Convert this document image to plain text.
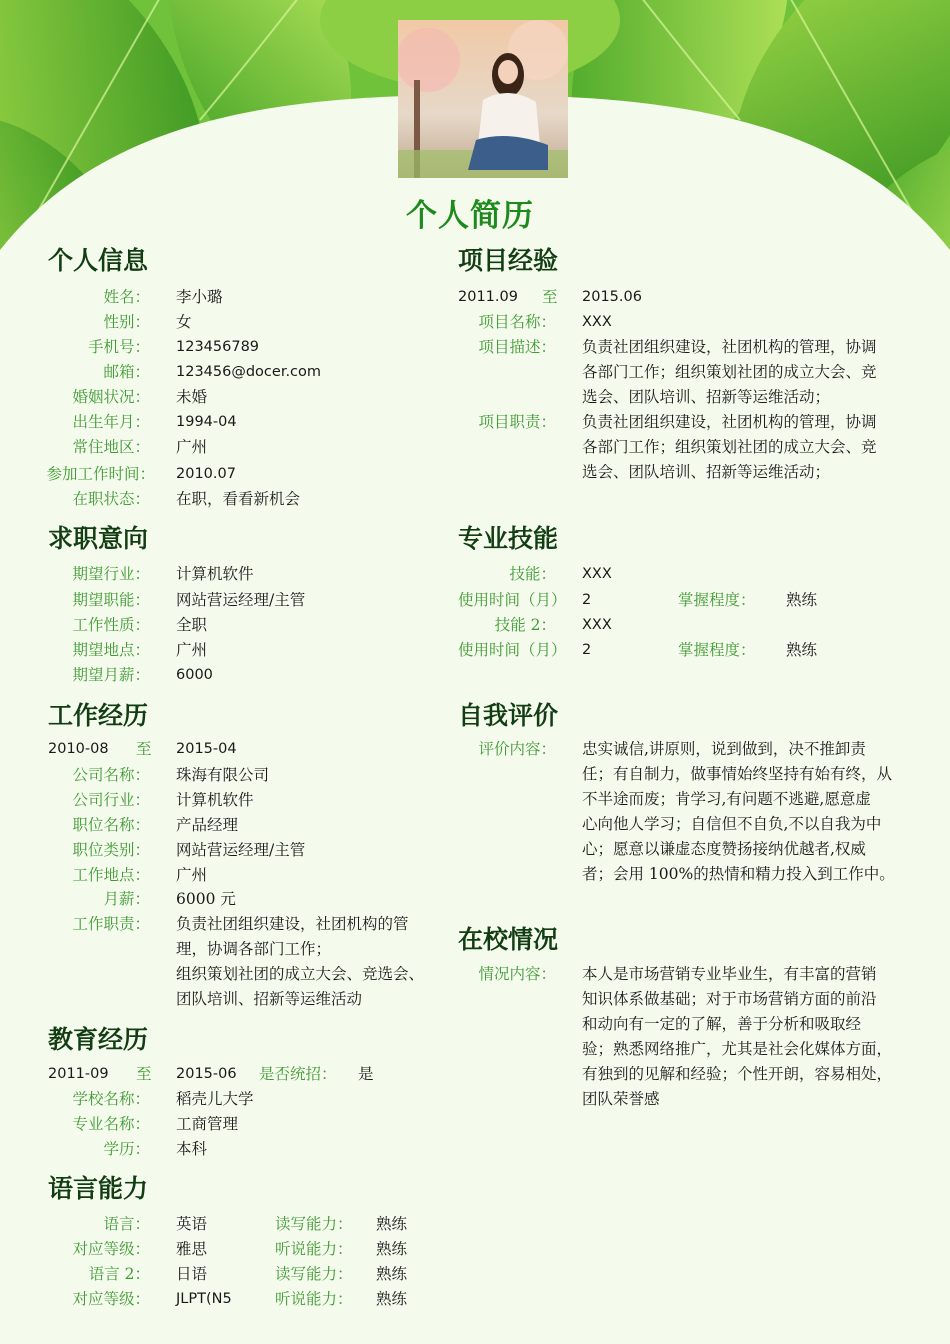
个人简历
个人信息
姓名： 李小璐
性别： 女
手机号： 123456789
邮箱： 123456@docer.com
婚姻状况： 未婚
出生年月： 1994-04
常住地区： 广州
参加工作时间： 2010.07
在职状态： 在职，看看新机会
求职意向
期望行业： 计算机软件
期望职能： 网站营运经理/主管
工作性质： 全职
期望地点： 广州
期望月薪： 6000
工作经历
2010-08 至	2015-04
公司名称： 珠海有限公司
公司行业： 计算机软件
职位名称： 产品经理
职位类别： 网站营运经理/主管
工作地点： 广州
月薪： 6000 元
工作职责： 负责社团组织建设，社团机构的管
理，协调各部门工作；
组织策划社团的成立大会、竞选会、
团队培训、招新等运维活动
教育经历
2011-09 至	2015-06 是否统招：	是
学校名称： 稻壳儿大学
专业名称： 工商管理
学历： 本科
语言能力
语言： 英语	读写能力：	熟练
对应等级： 雅思	听说能力：	熟练
语言 2： 日语	读写能力：	熟练
对应等级： JLPT(N5	听说能力：	熟练
项目经验
2011.09 至	2015.06
项目名称： XXX
项目描述： 负责社团组织建设，社团机构的管理，协调
各部门工作；组织策划社团的成立大会、竞
选会、团队培训、招新等运维活动；
项目职责： 负责社团组织建设，社团机构的管理，协调
各部门工作；组织策划社团的成立大会、竞
选会、团队培训、招新等运维活动；
专业技能
技能： XXX
使用时间（月）	2	掌握程度：	熟练
技能 2： XXX
使用时间（月）	2	掌握程度：	熟练
自我评价
评价内容： 忠实诚信,讲原则，说到做到，决不推卸责
任；有自制力，做事情始终坚持有始有终，从
不半途而废；肯学习,有问题不逃避,愿意虚
心向他人学习；自信但不自负,不以自我为中
心；愿意以谦虚态度赞扬接纳优越者,权威
者；会用 100%的热情和精力投入到工作中。
在校情况
情况内容： 本人是市场营销专业毕业生，有丰富的营销
知识体系做基础；对于市场营销方面的前沿
和动向有一定的了解，善于分析和吸取经
验；熟悉网络推广，尤其是社会化媒体方面，
有独到的见解和经验；个性开朗，容易相处，
团队荣誉感
